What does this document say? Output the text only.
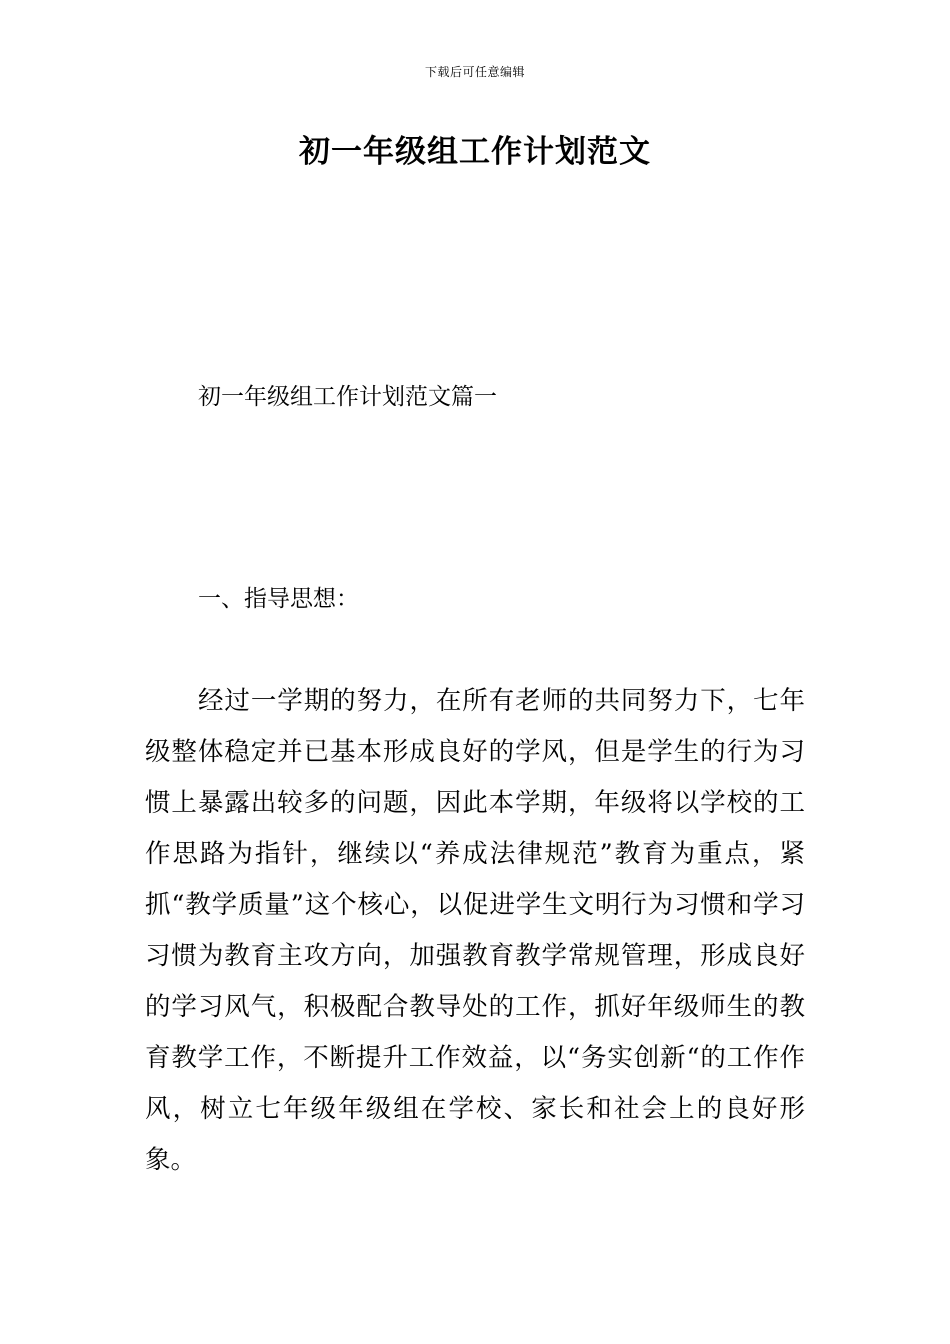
下载后可任意编辑
初一年级组工作计划范文

初一年级组工作计划范文篇一

一、指导思想：

经过一学期的努力，在所有老师的共同努力下，七年级整体稳定并已基本形成良好的学风，但是学生的行为习惯上暴露出较多的问题，因此本学期，年级将以学校的工作思路为指针，继续以“养成法律规范”教育为重点，紧抓“教学质量”这个核心，以促进学生文明行为习惯和学习习惯为教育主攻方向，加强教育教学常规管理，形成良好的学习风气，积极配合教导处的工作，抓好年级师生的教育教学工作，不断提升工作效益，以“务实创新“的工作作风，树立七年级年级组在学校、家长和社会上的良好形象。
